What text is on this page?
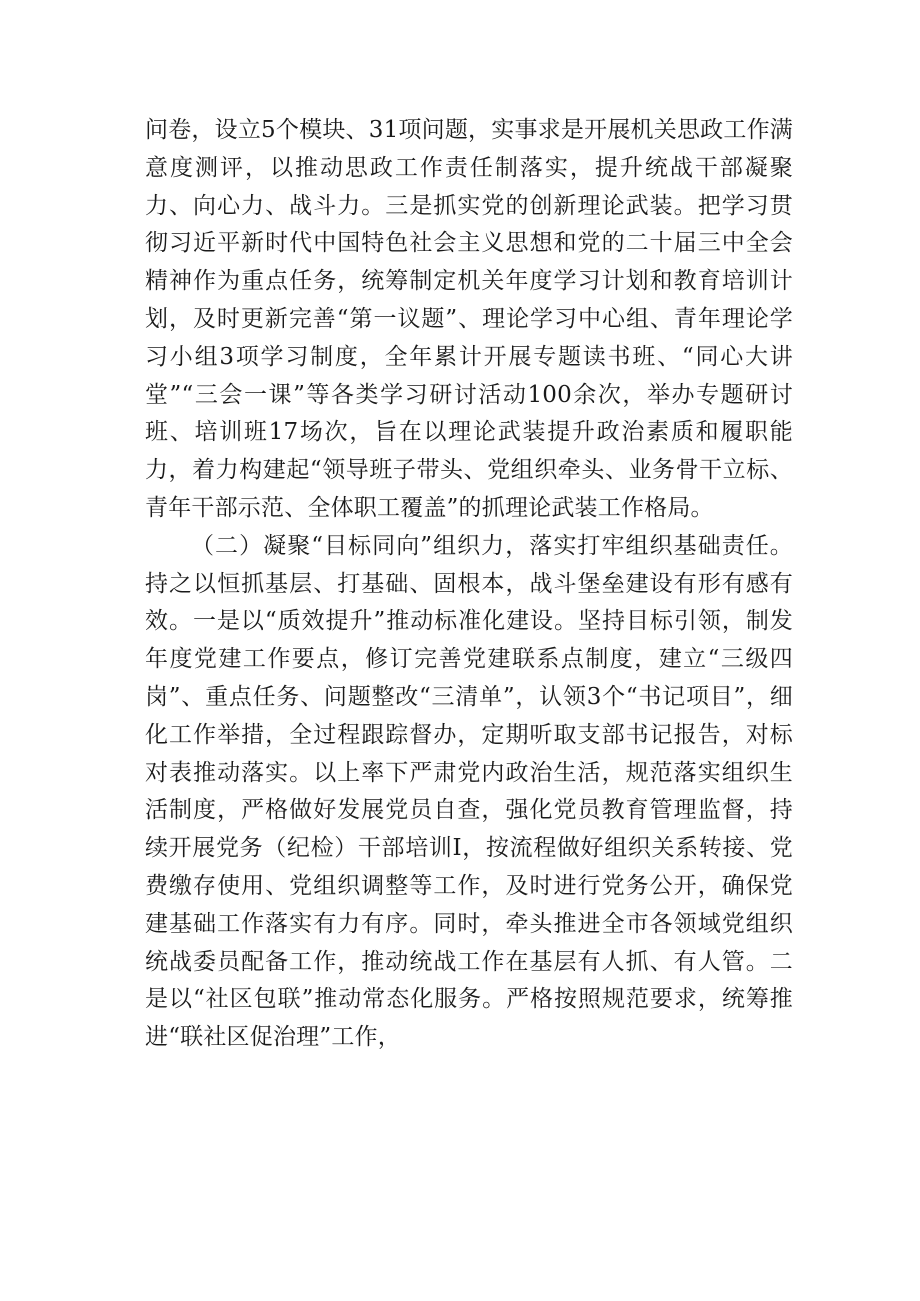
问卷，设立5个模块、31项问题，实事求是开展机关思政工作满意度测评，以推动思政工作责任制落实，提升统战干部凝聚力、向心力、战斗力。三是抓实党的创新理论武装。把学习贯彻习近平新时代中国特色社会主义思想和党的二十届三中全会精神作为重点任务，统筹制定机关年度学习计划和教育培训计划，及时更新完善“第一议题”、理论学习中心组、青年理论学习小组3项学习制度，全年累计开展专题读书班、“同心大讲堂”“三会一课”等各类学习研讨活动100余次，举办专题研讨班、培训班17场次，旨在以理论武装提升政治素质和履职能力，着力构建起“领导班子带头、党组织牵头、业务骨干立标、青年干部示范、全体职工覆盖”的抓理论武装工作格局。

（二）凝聚“目标同向”组织力，落实打牢组织基础责任。持之以恒抓基层、打基础、固根本，战斗堡垒建设有形有感有效。一是以“质效提升”推动标准化建设。坚持目标引领，制发年度党建工作要点，修订完善党建联系点制度，建立“三级四岗”、重点任务、问题整改“三清单”，认领3个“书记项目”，细化工作举措，全过程跟踪督办，定期听取支部书记报告，对标对表推动落实。以上率下严肃党内政治生活，规范落实组织生活制度，严格做好发展党员自查，强化党员教育管理监督，持续开展党务（纪检）干部培训I，按流程做好组织关系转接、党费缴存使用、党组织调整等工作，及时进行党务公开，确保党建基础工作落实有力有序。同时，牵头推进全市各领域党组织统战委员配备工作，推动统战工作在基层有人抓、有人管。二是以“社区包联”推动常态化服务。严格按照规范要求，统筹推进“联社区促治理”工作，
